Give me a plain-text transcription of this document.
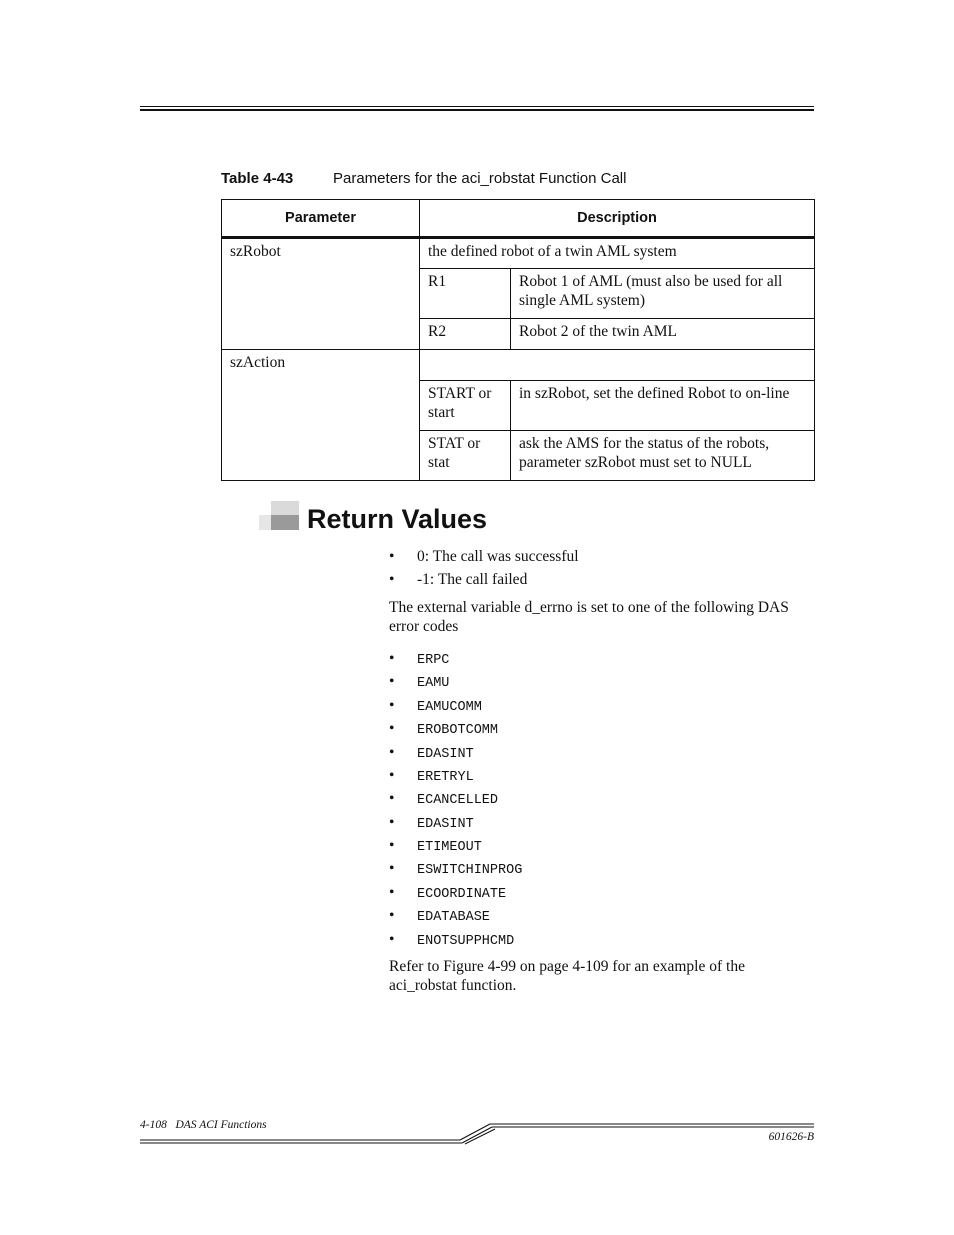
Table 4-43	Parameters for the aci_robstat Function Call
Parameter	Description	

szRobot	the defined robot of a twin AML system	

	R1	Robot 1 of AML (must also be used for all single AML system)

	R2	Robot 2 of the twin AML

szAction		

	START or start	in szRobot, set the defined Robot to on-line

	STAT or stat	ask the AMS for the status of the robots, parameter szRobot must set to NULL
Return Values
• 0: The call was successful
• -1: The call failed
The external variable d_errno is set to one of the following DAS error codes
• ERPC
• EAMU
• EAMUCOMM
• EROBOTCOMM
• EDASINT
• ERETRYL
• ECANCELLED
• EDASINT
• ETIMEOUT
• ESWITCHINPROG
• ECOORDINATE
• EDATABASE
• ENOTSUPPHCMD
Refer to Figure 4-99 on page 4-109 for an example of the aci_robstat function.
4-108   DAS ACI Functions
601626-B
